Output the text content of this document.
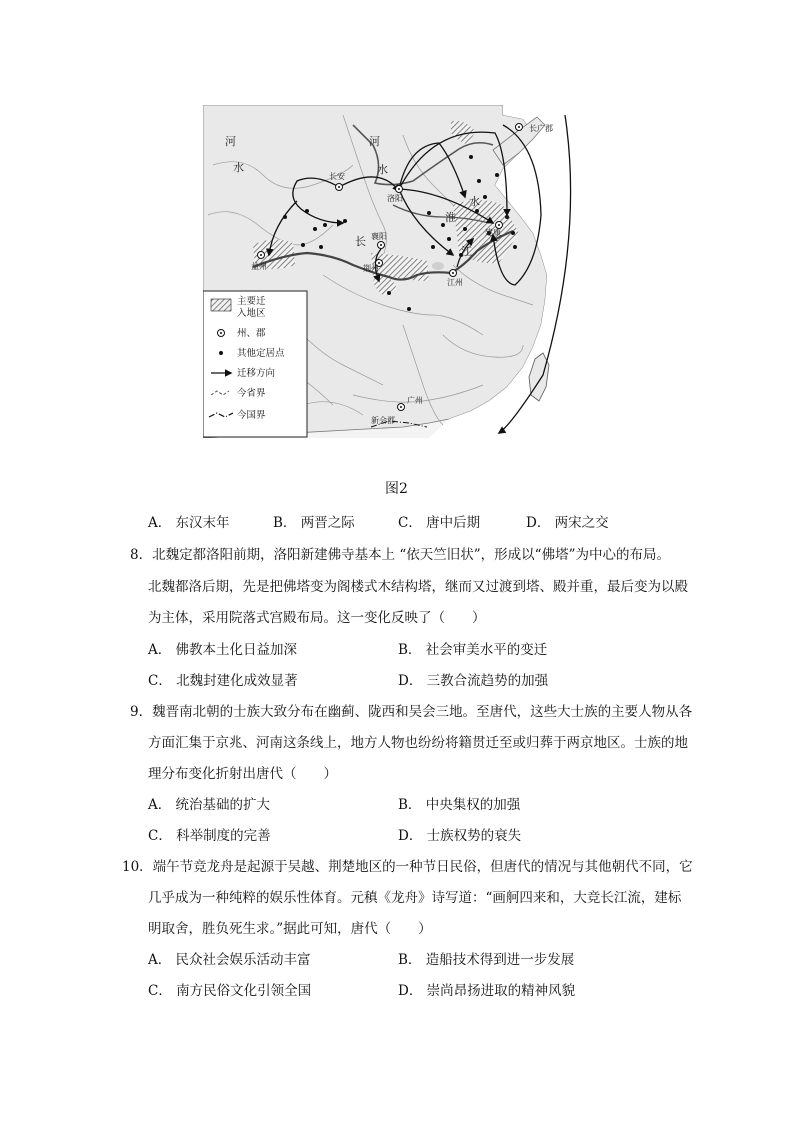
河
水
长安
洛阳
河
水
长广郡
淮
水
建康
襄阳
荆州
江
长
益州
江州
广州
新会郡
主要迁
入地区
州、郡
其他定居点
迁移方向
今省界
今国界
图2
A． 东汉末年	B． 两晋之际	C． 唐中后期	D． 两宋之交
8．北魏定都洛阳前期，洛阳新建佛寺基本上 “依天竺旧状”，形成以“佛塔”为中心的布局。
北魏都洛后期，先是把佛塔变为阁楼式木结构塔，继而又过渡到塔、殿并重，最后变为以殿
为主体，采用院落式宫殿布局。这一变化反映了（　　）
A． 佛教本土化日益加深	B． 社会审美水平的变迁
C． 北魏封建化成效显著	D． 三教合流趋势的加强
9．魏晋南北朝的士族大致分布在幽蓟、陇西和吴会三地。至唐代，这些大士族的主要人物从各
方面汇集于京兆、河南这条线上，地方人物也纷纷将籍贯迁至或归葬于两京地区。士族的地
理分布变化折射出唐代（　　）
A． 统治基础的扩大	B． 中央集权的加强
C． 科举制度的完善	D． 士族权势的衰失
10．端午节竞龙舟是起源于吴越、荆楚地区的一种节日民俗，但唐代的情况与其他朝代不同，它
几乎成为一种纯粹的娱乐性体育。元稹《龙舟》诗写道：“画舸四来和，大竞长江流，建标
明取舍，胜负死生求。”据此可知，唐代（　　）
A． 民众社会娱乐活动丰富	B． 造船技术得到进一步发展
C． 南方民俗文化引领全国	D． 崇尚昂扬进取的精神风貌
